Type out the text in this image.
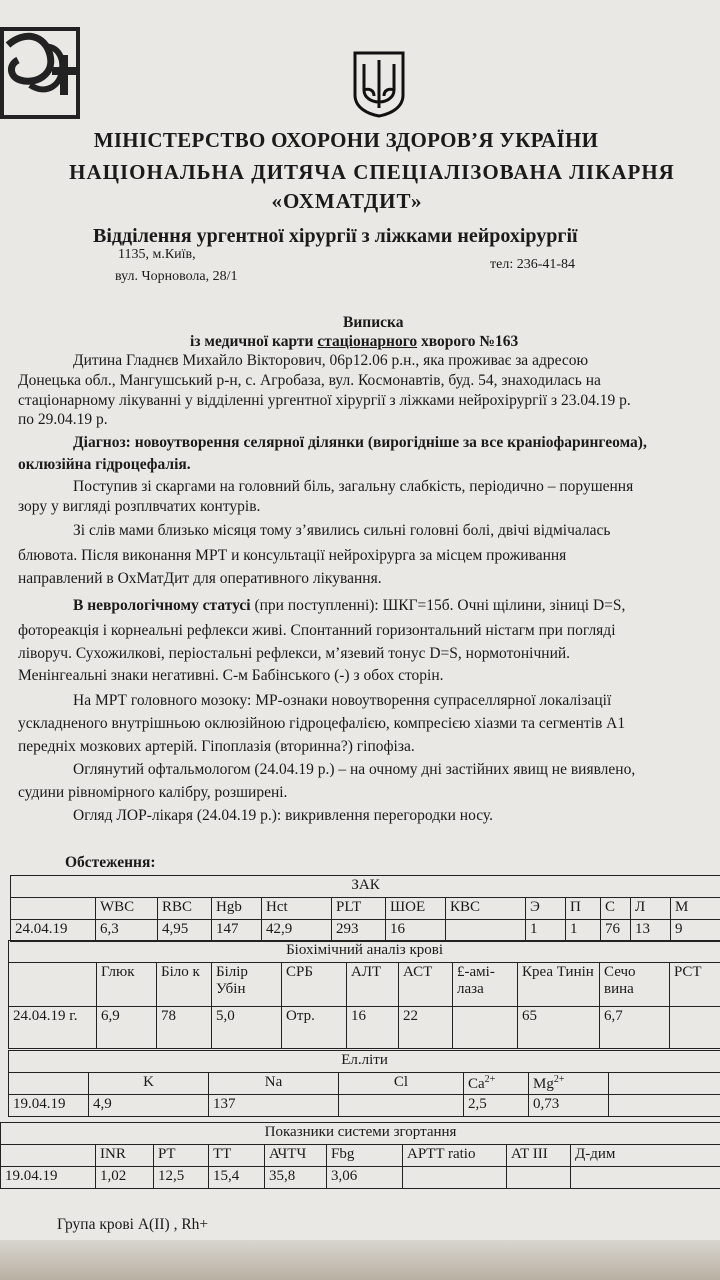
МІНІСТЕРСТВО ОХОРОНИ ЗДОРОВ’Я УКРАЇНИ
НАЦІОНАЛЬНА ДИТЯЧА СПЕЦІАЛІЗОВАНА ЛІКАРНЯ
«ОХМАТДИТ»
Відділення ургентної хірургії з ліжками нейрохірургії
1135, м.Київ,
тел: 236-41-84
вул. Чорновола, 28/1
Виписка
із медичної карти стаціонарного хворого №163
Дитина Гладнєв Михайло Вікторович, 06р12.06 р.н., яка проживає за адресою
Донецька обл., Мангушський р-н, с. Агробаза, вул. Космонавтів, буд. 54, знаходилась на
стаціонарному лікуванні у відділенні ургентної хірургії з ліжками нейрохірургії з 23.04.19 р.
по 29.04.19 р.
Діагноз: новоутворення селярної ділянки (вирогідніше за все краніофарингеома),
оклюзійна гідроцефалія.
Поступив зі скаргами на головний біль, загальну слабкість, періодично – порушення
зору у вигляді розплвчатих контурів.
Зі слів мами близько місяця тому з’явились сильні головні болі, двічі відмічалась
блювота. Після виконання МРТ и консультації нейрохірурга за місцем проживання
направлений в ОхМатДит для оперативного лікування.
В неврологічному статусі (при поступленні): ШКГ=15б. Очні щілини, зіниці D=S,
фотореакція і корнеальні рефлекси живі. Спонтанний горизонтальний ністагм при погляді
ліворуч. Сухожилкові, періостальні рефлекси, м’язевий тонус D=S, нормотонічний.
Менінгеальні знаки негативні. С-м Бабінського (-) з обох сторін.
На МРТ головного мозоку: МР-ознаки новоутворення супраселлярної локалізації
ускладненого внутрішньою оклюзійною гідроцефалією, компресією хіазми та сегментів А1
передніх мозкових артерій. Гіпоплазія (вторинна?) гіпофіза.
Оглянутий офтальмологом (24.04.19 р.) – на очному дні застійних явищ не виявлено,
судини рівномірного калібру, розширені.
Огляд ЛОР-лікаря (24.04.19 р.): викривлення перегородки носу.
Обстеження:
ЗАК												
	WBC	RBC	Hgb	Hct	PLT	ШОЕ	КВС	Э	П	С	Л	М
24.04.19	6,3	4,95	147	42,9	293	16		1	1	76	13	9
Біохімічний аналіз крові										
	Глюк	Біло к	Білір Убін	СРБ	АЛТ	АСТ	£-амі- лаза	Креа Тинін	Сечо вина	PCT
24.04.19 г.	6,9	78	5,0	Отр.	16	22		65	6,7	
Ел.літи						
	K	Na	Cl	$Ca^{2+}$	$Mg^{2+}$	
19.04.19	4,9	137		2,5	0,73	
Показники системи згортання								
	INR	PT	TT	АЧТЧ	Fbg	APTT ratio	AT III	Д-дим
19.04.19	1,02	12,5	15,4	35,8	3,06			
Група крові A(II) , Rh+
